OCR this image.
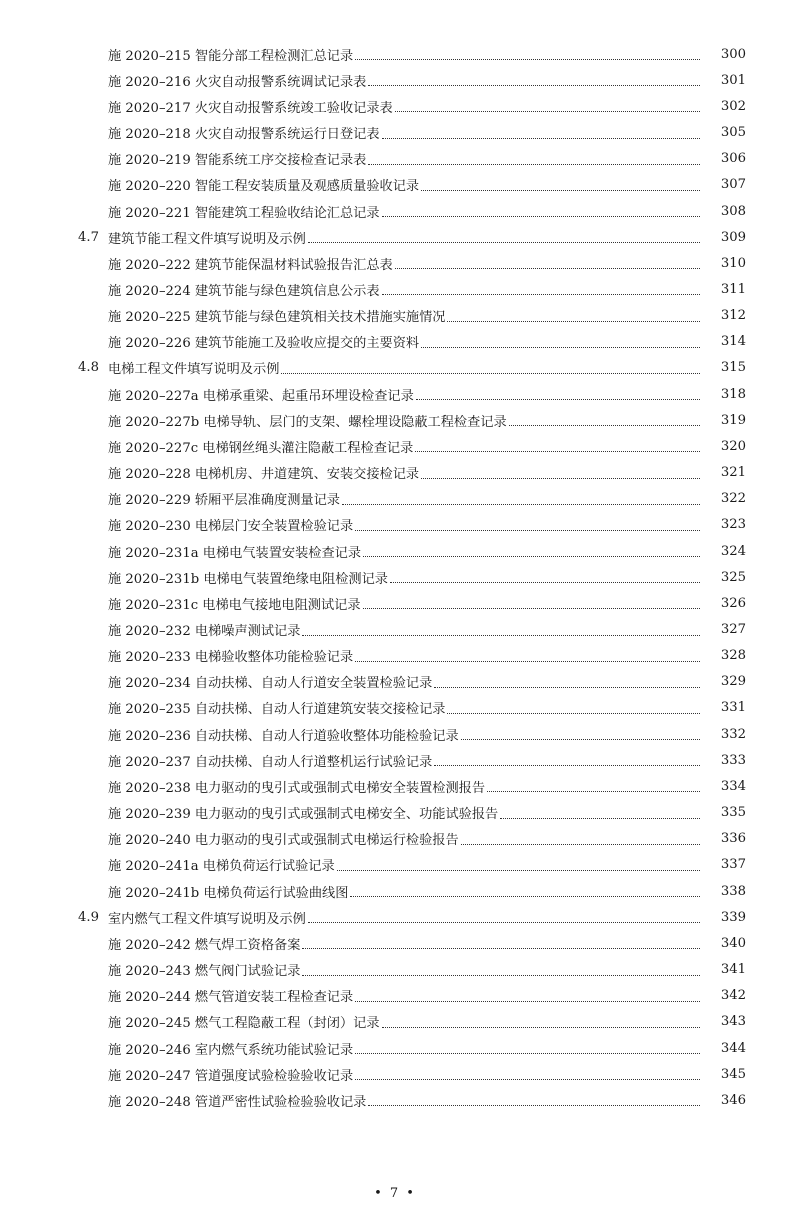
施 2020–215 智能分部工程检测汇总记录	300
施 2020–216 火灾自动报警系统调试记录表	301
施 2020–217 火灾自动报警系统竣工验收记录表	302
施 2020–218 火灾自动报警系统运行日登记表	305
施 2020–219 智能系统工序交接检查记录表	306
施 2020–220 智能工程安装质量及观感质量验收记录	307
施 2020–221 智能建筑工程验收结论汇总记录	308
4.7 建筑节能工程文件填写说明及示例	309
施 2020–222 建筑节能保温材料试验报告汇总表	310
施 2020–224 建筑节能与绿色建筑信息公示表	311
施 2020–225 建筑节能与绿色建筑相关技术措施实施情况	312
施 2020–226 建筑节能施工及验收应提交的主要资料	314
4.8 电梯工程文件填写说明及示例	315
施 2020–227a 电梯承重梁、起重吊环埋设检查记录	318
施 2020–227b 电梯导轨、层门的支架、螺栓埋设隐蔽工程检查记录	319
施 2020–227c 电梯钢丝绳头灌注隐蔽工程检查记录	320
施 2020–228 电梯机房、井道建筑、安装交接检记录	321
施 2020–229 轿厢平层准确度测量记录	322
施 2020–230 电梯层门安全装置检验记录	323
施 2020–231a 电梯电气装置安装检查记录	324
施 2020–231b 电梯电气装置绝缘电阻检测记录	325
施 2020–231c 电梯电气接地电阻测试记录	326
施 2020–232 电梯噪声测试记录	327
施 2020–233 电梯验收整体功能检验记录	328
施 2020–234 自动扶梯、自动人行道安全装置检验记录	329
施 2020–235 自动扶梯、自动人行道建筑安装交接检记录	331
施 2020–236 自动扶梯、自动人行道验收整体功能检验记录	332
施 2020–237 自动扶梯、自动人行道整机运行试验记录	333
施 2020–238 电力驱动的曳引式或强制式电梯安全装置检测报告	334
施 2020–239 电力驱动的曳引式或强制式电梯安全、功能试验报告	335
施 2020–240 电力驱动的曳引式或强制式电梯运行检验报告	336
施 2020–241a 电梯负荷运行试验记录	337
施 2020–241b 电梯负荷运行试验曲线图	338
4.9 室内燃气工程文件填写说明及示例	339
施 2020–242 燃气焊工资格备案	340
施 2020–243 燃气阀门试验记录	341
施 2020–244 燃气管道安装工程检查记录	342
施 2020–245 燃气工程隐蔽工程（封闭）记录	343
施 2020–246 室内燃气系统功能试验记录	344
施 2020–247 管道强度试验检验验收记录	345
施 2020–248 管道严密性试验检验验收记录	346
• 7 •
